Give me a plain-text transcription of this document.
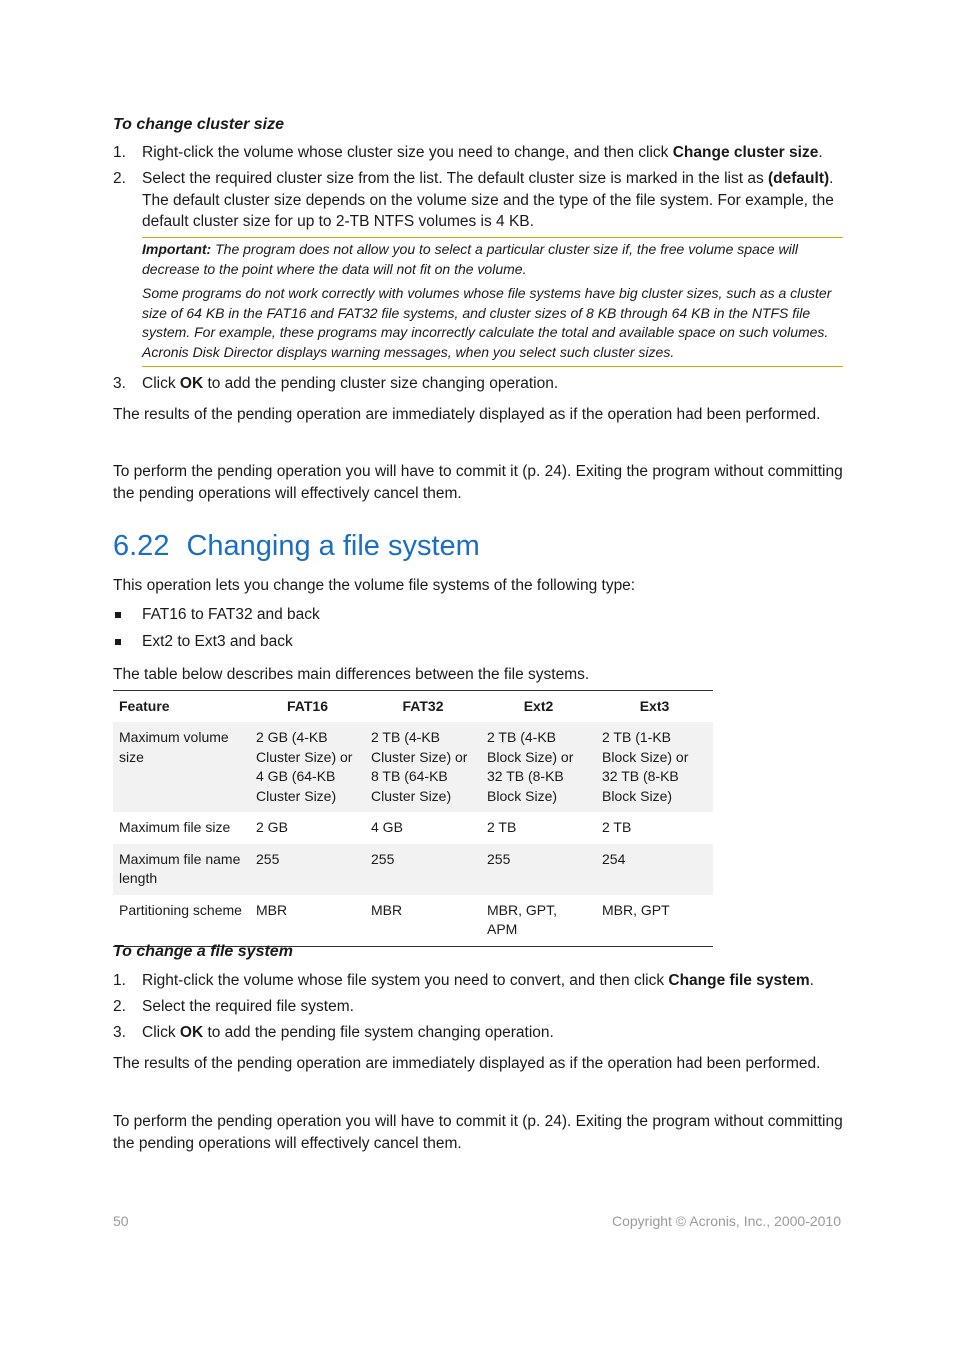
To change cluster size
1. Right-click the volume whose cluster size you need to change, and then click Change cluster size.
2. Select the required cluster size from the list. The default cluster size is marked in the list as (default). The default cluster size depends on the volume size and the type of the file system. For example, the default cluster size for up to 2-TB NTFS volumes is 4 KB.

Important: The program does not allow you to select a particular cluster size if, the free volume space will decrease to the point where the data will not fit on the volume.

Some programs do not work correctly with volumes whose file systems have big cluster sizes, such as a cluster size of 64 KB in the FAT16 and FAT32 file systems, and cluster sizes of 8 KB through 64 KB in the NTFS file system. For example, these programs may incorrectly calculate the total and available space on such volumes. Acronis Disk Director displays warning messages, when you select such cluster sizes.

3. Click OK to add the pending cluster size changing operation.
The results of the pending operation are immediately displayed as if the operation had been performed.
To perform the pending operation you will have to commit it (p. 24). Exiting the program without committing the pending operations will effectively cancel them.
6.22 Changing a file system
This operation lets you change the volume file systems of the following type:
FAT16 to FAT32 and back
Ext2 to Ext3 and back
The table below describes main differences between the file systems.
Feature	FAT16	FAT32	Ext2	Ext3
Maximum volume size	2 GB (4-KB Cluster Size) or 4 GB (64-KB Cluster Size)	2 TB (4-KB Cluster Size) or 8 TB (64-KB Cluster Size)	2 TB (4-KB Block Size) or 32 TB (8-KB Block Size)	2 TB (1-KB Block Size) or 32 TB (8-KB Block Size)
Maximum file size	2 GB	4 GB	2 TB	2 TB
Maximum file name length	255	255	255	254
Partitioning scheme	MBR	MBR	MBR, GPT, APM	MBR, GPT
To change a file system
1. Right-click the volume whose file system you need to convert, and then click Change file system.
2. Select the required file system.
3. Click OK to add the pending file system changing operation.
The results of the pending operation are immediately displayed as if the operation had been performed.
To perform the pending operation you will have to commit it (p. 24). Exiting the program without committing the pending operations will effectively cancel them.
50	Copyright © Acronis, Inc., 2000-2010
